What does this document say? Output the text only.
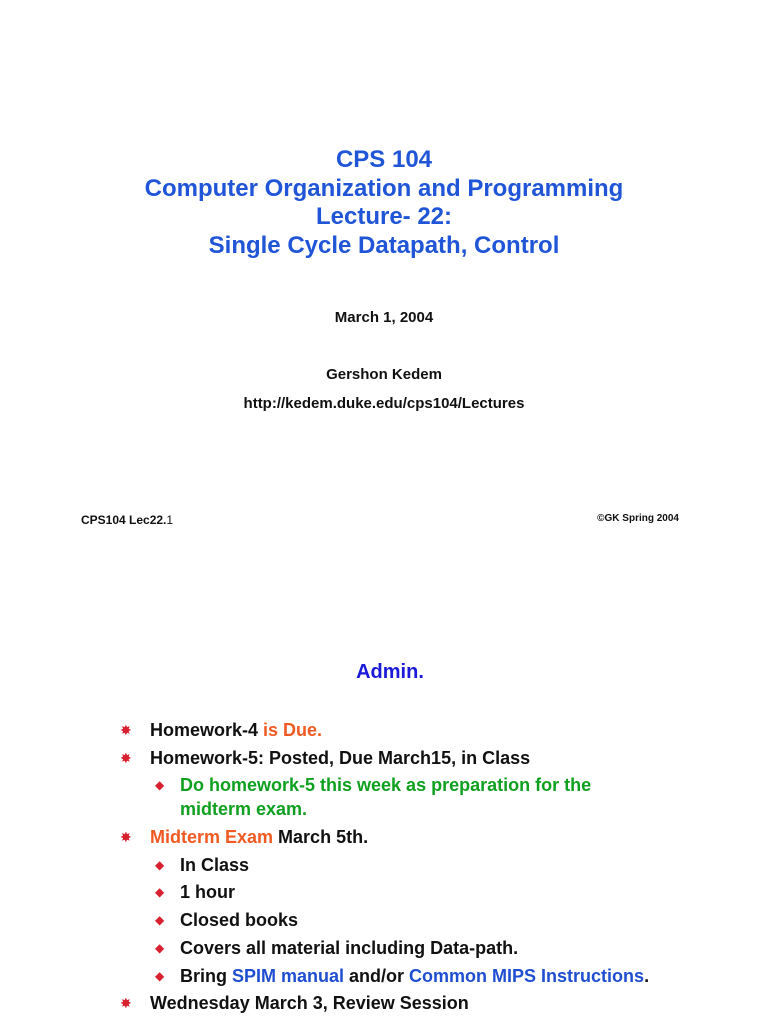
CPS 104
Computer Organization and Programming
Lecture- 22:
Single Cycle Datapath, Control
March 1, 2004
Gershon Kedem
http://kedem.duke.edu/cps104/Lectures
CPS104 Lec22.1	©GK Spring 2004
Admin.
✸ Homework-4 is Due.
✸ Homework-5: Posted, Due March15, in Class
◆ Do homework-5 this week as preparation for the
midterm exam.
✸ Midterm Exam March 5th.
◆ In Class
◆ 1 hour
◆ Closed books
◆ Covers all material including Data-path.
◆ Bring SPIM manual and/or Common MIPS Instructions.
✸ Wednesday March 3, Review Session
